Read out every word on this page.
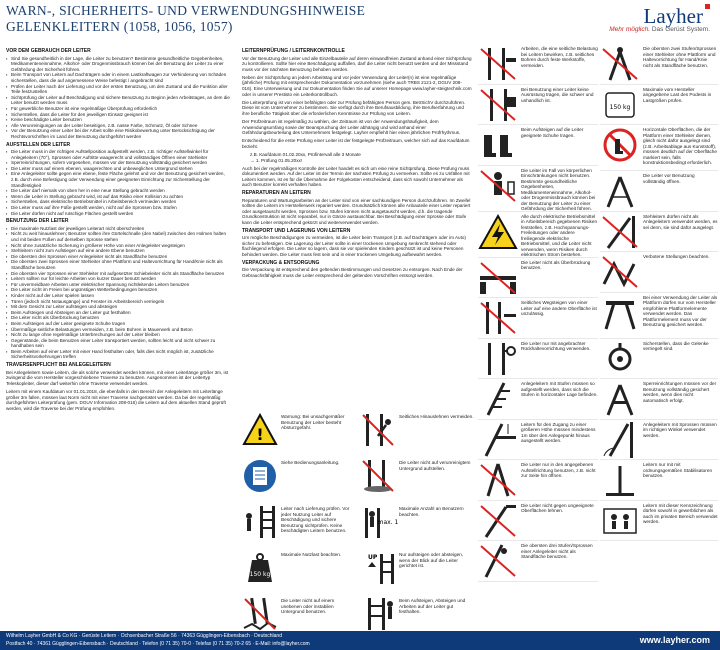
WARN-, SICHERHEITS- UND VERWENDUNGSHINWEISE
GELENKLEITERN (1058, 1056, 1057)	Layher
Mehr möglich. Das Gerüst System.
VOR DEM GEBRAUCH DER LEITER
▪ Sind Sie gesundheitlich in der Lage, die Leiter zu benutzen? Bestimmte gesundheitliche Gegebenheiten, Medikamenteneinnahme, Alkohol- oder Drogenmissbrauch können bei der Benutzung der Leiter zu einer Gefährdung der Sicherheit führen.
▪ Beim Transport von Leitern auf Dachträgern oder in einem Lastkraftwagen zur Verhinderung von Schäden sicherstellen, dass die auf angemessene Weise befestigt / angebracht sind
▪ Prüfen der Leiter nach der Lieferung und vor der ersten Benutzung, um den Zustand und die Funktion aller Teile festzustellen
▪ Sichtprüfung der Leiter auf Beschädigung und sichere Benutzung zu Beginn jeden Arbeitstages, an dem die Leiter benutzt werden muss
▪ Für gewerbliche Benutzer ist eine regelmäßige Überprüfung erforderlich
▪ Sicherstellen, dass die Leiter für den jeweiligen Einsatz geeignet ist
▪ Keine beschädigte Leiter benutzen
▪ Alle Verunreinigungen an der Leiter beseitigen, z.B. nasse Farbe, Schmutz, Öl oder Schnee
▪ Vor der Benutzung einer Leiter bei der Arbeit sollte eine Risikobewertung unter Berücksichtigung der Rechtsvorschriften im Land der Benutzung durchgeführt werden
AUFSTELLEN DER LEITER
▪ Die Leiter muss in der richtigen Aufstellposition aufgestellt werden, z.B. richtiger Aufstellwinkel für Anlegeleitern (70°), Sprossen oder Auftritte waagerecht und vollständiges Öffnen einer Stehleiter
▪ Sperreinrichtungen, sofern vorgesehen, müssen vor der Benutzung vollständig gesichert werden
▪ Die Leiter muss auf einem ebenen, waagerechten und unbeweglichen Untergrund stehen
▪ Eine Anlegeleiter sollte gegen eine ebene, feste Fläche gelehnt und vor der Benutzung gesichert werden, z.B. durch eine Befestigung oder Verwendung einer geeigneten Einrichtung zur Sicherstellung der Standfestigkeit
▪ Die Leiter darf niemals von oben her in eine neue Stellung gebracht werden
▪ Wenn die Leiter in Stellung gebracht wird, ist auf das Risiko einer Kollision zu achten
▪ Sicherstellen, dass elektrische Betriebsmittel in Arbeitsbereich vermieden werden
▪ Die Leiter muss auf ihre Füße gestellt werden, nicht auf die Sprossen bzw. Stufen
▪ Die Leiter dürfen nicht auf rutschige Flächen gestellt werden
BENUTZUNG DER LEITER
▪ Die maximale Nutzlast der jeweiligen Leiterart nicht überschreiten
▪ Nicht zu weit hinauslehnen; Benutzer sollten ihre Gürtelschnalle (den Nabel) zwischen den Holmen halten und mit beiden Füßen auf derselben Sprosse stehen
▪ Nicht ohne zusätzliche Sicherung in größerer Höhe von einer Anlegeleiter wegsteigen
▪ Stehleitern nicht zum Aufstiegen auf eine andere Ebene benutzen
▪ Die obersten drei Sprossen einer Anlegeleiter nicht als Standfläche benutzen
▪ Die obersten zwei Sprossen einer Stehleiter ohne Plattform und Haltevorrichtung für Hand/Knie nicht als Standfläche benutzen
▪ Die obersten vier Sprossen einer Stehleiter mit aufgesetzter Schiebeleiter nicht als Standfläche benutzen
▪ Leitern sollten nur für leichte Arbeiten von kurzer Dauer benutzt werden
▪ Für unvermeidbare Arbeiten unter elektrischer Spannung nichtleitende Leitern benutzen
▪ Die Leiter nicht im Freien bei ungünstigen Wetterbedingungen benutzen
▪ Kinder nicht auf der Leiter spielen lassen
▪ Türen (jedoch nicht Notausgänge) und Fenster im Arbeitsbereich verriegeln
▪ Mit dem Gesicht zur Leiter aufsteigen und absteigen
▪ Beim Aufsteigen und Absteigen an der Leiter gut festhalten
▪ Die Leiter nicht als Überbrückung benutzen
▪ Beim Aufsteigen auf der Leiter geeignete Schuhe tragen
▪ Übermäßige seitliche Belastungen vermeiden, z.B. beim Bohren in Mauerwerk und Beton
▪ Nicht zu lange ohne regelmäßige Unterbrechungen auf der Leiter bleiben
▪ Gegenstände, die beim Benutzen einer Leiter transportiert werden, sollten leicht und nicht schwer zu handhaben sein
▪ Beim Arbeiten auf einer Leiter mit einer Hand festhalten oder, falls dies nicht möglich ist, zusätzliche Sicherheitsvorkehrungen treffen
TRAVERSENPFLICHT BEI ANLEGELEITERN

Bei Anlegeleitern sowie Leitern, die als solche verwendet werden können, mit einer Leiterlänge größer 3m, ist zwingend die vom Hersteller vorgeschriebene Traverse zu benutzen. Ausgenommen ist der Leitertyp Teleskopleiter, dieser darf weiterhin ohne Traverse verwendet werden.

Leitern mit einem Kaufdatum vor 01.01.2018, die ebenfalls in den Bereich der Anlegeleitern mit Leiterlänge größer 3m fallen, müssen laut Norm nicht mit einer Traverse nachgerüstet werden. Da bei der regelmäßig durchgeführten Leiterprüfung (gem. DGUV Information 208-016) die Leitern auf dem aktuellen Stand geprüft werden, wird die Traverse bei der Prüfung empfohlen.

LEITERNPRÜFUNG / LEITERNKONTROLLE

Vor der Benutzung der Leiter und alle Einzelbauteile auf deren einwandfreien Zustand anhand einer Sichtprüfung zu kontrollieren. Sollte hier eine Beschädigung auffallen, darf die Leiter nicht benutzt werden und der Missstand muss vor der nächsten Benutzung behoben werden.

Neben der Sichtprüfung an jedem Arbeitstag und vor jeder Verwendung der Leiter(n) ist eine regelmäßige (jährliche) Prüfung mit entsprechender Dokumentation vorzunehmen (siehe auch TRBS 2121-2, DGUV 208-016). Eine Unterweisung und zur Dokumentation finden Sie auf unserer Homepage www.layher-steigtechnik.com oder in unserer Prestisto ein Leiterkontrollbuch.

Die Leiterprüfung ist von einer befähigten oder zur Prüfung befähigten Person gem. BetrSichV durchzuführen. Diese ist vom Unternehmer zu bestimmen. Sie verfügt durch ihre Berufsausbildung, ihre Berufserfahrung und ihre berufliche Tätigkeit über die erforderlichen Kenntnisse zur Prüfung von Leitern.

Der Prüfzeitraum ist regelmäßig zu wählen, der Zeitraum ist von der Anwendungshäufigkeit, dem Anwendungsumfang sowie der Beanspruchung der Leiter abhängig und wird anhand einer Gefährdungsbeurteilung des Unternehmers festgelegt. Layher empfiehlt hier einen jährlichen Prüfrhythmus.

Entscheidend für die erste Prüfung einer Leiter ist der festgelegte Prüfzeitraum, welcher sich auf das Kaufdatum bezieht.

z.B. Kaufdatum 01.02.20xx, Prüfintervall alle 3 Monate

→ 1. Prüfung 01.05.20xx!

Auch bei der regelmäßigen Kontrolle der Leiter handelt es sich um eine reine Sichtprüfung. Diese Prüfung muss dokumentiert werden. Auf der Leiter ist der Termin der nächsten Prüfung zu vermerken. Sollte es zu Unfällen mit Leitern kommen, ist es für die Übernahme der Folgekosten entscheidend, dass sich sowohl Unternehmer als auch Benutzer korrekt verhalten haben.

REPARATUREN AN LEITERN

Reparaturen und Wartungsarbeiten an der Leiter sind von einer sachkundigen Person durchzuführen. Im Zweifel sollten die Leitern im Herstellerwerk repariert werden. Grundsätzlich können alle Anbauteile einer Leiter repariert oder ausgetauscht werden, Sprossen bzw. Stufen können nicht ausgetauscht werden, d.h. die tragende Grundkonstruktion ist nicht reparabel, nur in Gänze austauschbar. Bei Beschädigung einer Sprosse oder Stufe kann die Leiter entsprechend gekürzt und weiterverwendet werden.

TRANSPORT UND LAGERUNG VON LEITERN

Um mögliche Beschädigungen zu vermeiden, ist die Leiter beim Transport (z.B. auf Dachträgern oder im Auto) sicher zu befestigen. Die Lagerung der Leiter sollte in einer trockenen Umgebung senkrecht stehend oder flachliegend erfolgen. Die Leiter so lagern, dass sie vor spielenden Kindern geschützt ist und keine Personen behindert werden. Die Leiter muss fest sein und in einer trockenen Umgebung aufbewahrt werden.

VERPACKUNG & ENTSORGUNG

Die Verpackung ist entsprechend den geltenden Bestimmungen und Gesetzen zu entsorgen. Nach Ende der Gebrauchsfähigkeit muss die Leiter entsprechend der geltenden Vorschriften entsorgt werden.

!
Warnung: Bei unsachgemäßer Benutzung der Leiter besteht Absturzgefahr.
Seitliches Hinauslehnen vermeiden.
Siehe Bedienungsanleitung.	Die Leiter nicht auf verunreinigtem Untergrund aufstellen.
Leiter nach Lieferung prüfen. Vor jeder Nutzung Leiter auf Beschädigung und sichere Benutzung sichtprüfen. Keine beschädigten Leitern benutzen.
max. 1
Maximale Anzahl an Benutzern beachten.
150 kg
Maximale Nutzlast beachten.	UP	Nur aufsteigen oder absteigen, wenn der Blick auf die Leiter gerichtet ist.
Die Leiter nicht auf einem unebenen oder instabilen Untergrund benutzen.
Beim Aufsteigen, Absteigen und Arbeiten auf der Leiter gut festhalten.
Arbeiten, die eine seitliche Belastung bei Leitern bewirken, z.B. seitliches Bohren durch feste Werkstoffe, vermeiden.
Bei Benutzung einer Leiter keine Ausrüstung tragen, die schwer und unhandlich ist.
Beim Aufsteigen auf die Leiter geeignete Schuhe tragen.
Die Leiter im Fall von körperlichen Einschränkungen nicht benutzen. Bestimmte gesundheitliche Gegebenheiten, Medikamenteneinnahme, Alkohol- oder Drogenmissbrauch können bei der Benutzung der Leiter zu einer Gefährdung der Sicherheit führen.
Alle durch elektrische Betriebsmittel in Arbeitsbereich gegebenen Risiken feststellen, z.B. Hochspannungs-Freileitungen oder andere freiliegende elektrische Betriebsmittel, und die Leiter nicht verwenden, wenn Risiken durch elektrischen Strom bestehen.
Die Leiter nicht als Überbrückung benutzen.
Seitliches Wegsteigen von einer Leiter auf eine andere Oberfläche ist unzulässig.
Die Leiter nur mit angebrachter Rückhaltevorrichtung verwenden.
Anlegeleitern mit Stufen müssen so aufgestellt werden, dass sich die Stufen in horizontaler Lage befinden.
Leitern für den Zugang zu einer größeren Höhe müssen mindestens 1m über den Anlegepunkt hinaus ausgestellt werden.
Die Leiter nur in den angegebenen Aufstellrichtung benutzen, z.B. nicht zur Seite hin öffnen.
Die Leiter nicht gegen ungeeignete Oberflächen lehnen.
Die obersten drei Stufen/Sprossen einer Anlegeleiter nicht als Standfläche benutzen.
Die obersten zwei Stufen/Sprossen einer Stehleiter ohne Plattform und Haltevorrichtung für Hand/Knie nicht als Standfläche benutzen.
150 kg
Maximale vom Hersteller angegebene Last des Podests in Lastgrößen prüfen.
Horizontale Oberflächen, die der Plattform einer Stehleiter dienen, gleich nicht dafür ausgelegt sind (z.B. Arbeitsablage aus Kunststoff), müssen deutlich auf der Oberfläche markiert sein, falls konstruktionsbedingt erforderlich.
Die Leiter vor Benutzung vollständig öffnen.
Stehleitern dürfen nicht als Anlegeleitern verwendet werden, es sei denn, sie sind dafür ausgelegt.
Verbotene Stellungen beachten.
Bei einer Verwendung der Leiter als Plattform dürfen nur vom Hersteller empfohlene Plattformelemente verwendet werden. Das Plattformelement muss vor der Benutzung gesichert werden.
Sicherstellen, dass die Gelenke verriegelt sind.
Sperreinrichtungen müssen vor der Benutzung vollständig gesichert werden, wenn dies nicht automatisch erfolgt.
Anlegeleitern mit Sprossen müssen im richtigen Winkel verwendet werden.
Leitern nur mit mit ordnungsgemäßen Stabilisatoren benutzen.
Leitern mit dieser Kennzeichnung dürfen sowohl in gewerblichen als auch im privaten Bereich verwendet werden.
Wilhelm Layher GmbH & Co KG · Gerüste Leitern · Ochsenbacher Straße 56 · 74363 Gügglingen-Eibensbach · Deutschland
Postfach 40 · 74361 Gügglingen-Eibensbach · Deutschland · Telefon (0 71 35) 70-0 · Telefax (0 71 35) 70-2 65 · E-Mail: info@layher.com	www.layher.com
